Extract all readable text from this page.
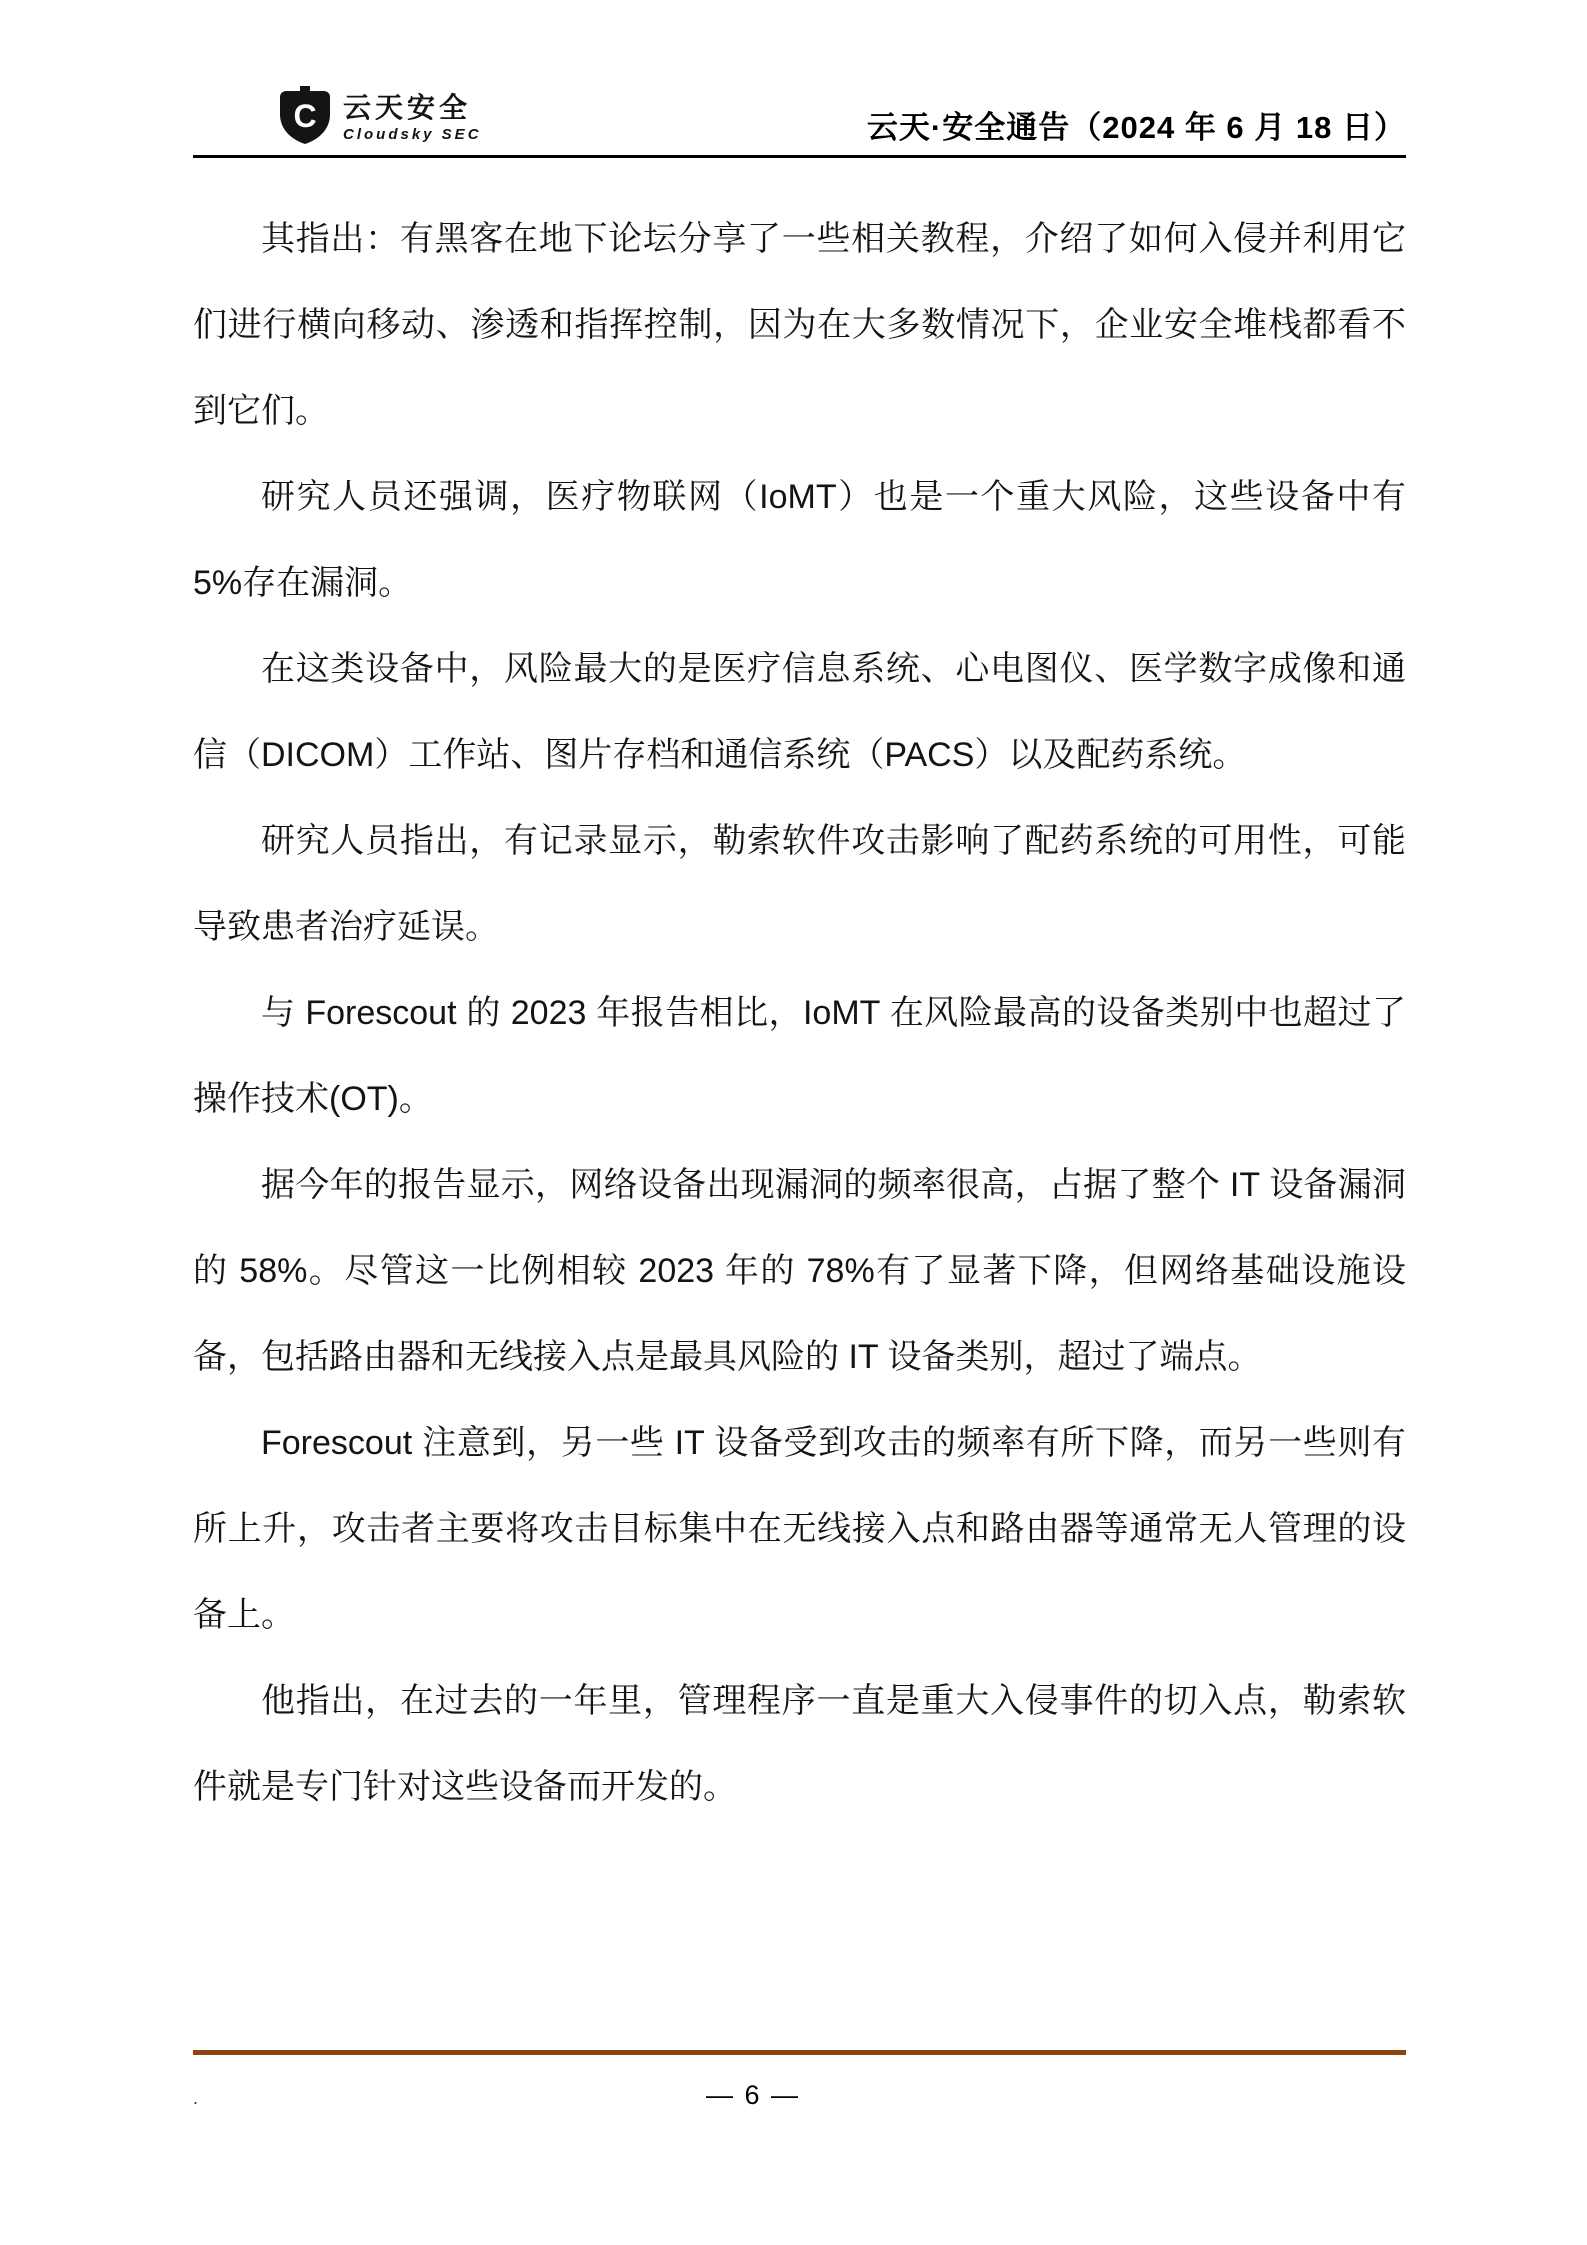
C 云天安全
Cloudsky SEC	云天·安全通告（2024 年 6 月 18 日）

其指出：有黑客在地下论坛分享了一些相关教程，介绍了如何入侵并利用它们进行横向移动、渗透和指挥控制，因为在大多数情况下，企业安全堆栈都看不到它们。

研究人员还强调，医疗物联网（IoMT）也是一个重大风险，这些设备中有5%存在漏洞。

在这类设备中，风险最大的是医疗信息系统、心电图仪、医学数字成像和通信（DICOM）工作站、图片存档和通信系统（PACS）以及配药系统。

研究人员指出，有记录显示，勒索软件攻击影响了配药系统的可用性，可能导致患者治疗延误。

与 Forescout 的 2023 年报告相比，IoMT 在风险最高的设备类别中也超过了操作技术(OT)。

据今年的报告显示，网络设备出现漏洞的频率很高，占据了整个 IT 设备漏洞的 58%。尽管这一比例相较 2023 年的 78%有了显著下降，但网络基础设施设备，包括路由器和无线接入点是最具风险的 IT 设备类别，超过了端点。

Forescout 注意到，另一些 IT 设备受到攻击的频率有所下降，而另一些则有所上升，攻击者主要将攻击目标集中在无线接入点和路由器等通常无人管理的设备上。

他指出，在过去的一年里，管理程序一直是重大入侵事件的切入点，勒索软件就是专门针对这些设备而开发的。

.	— 6 —
